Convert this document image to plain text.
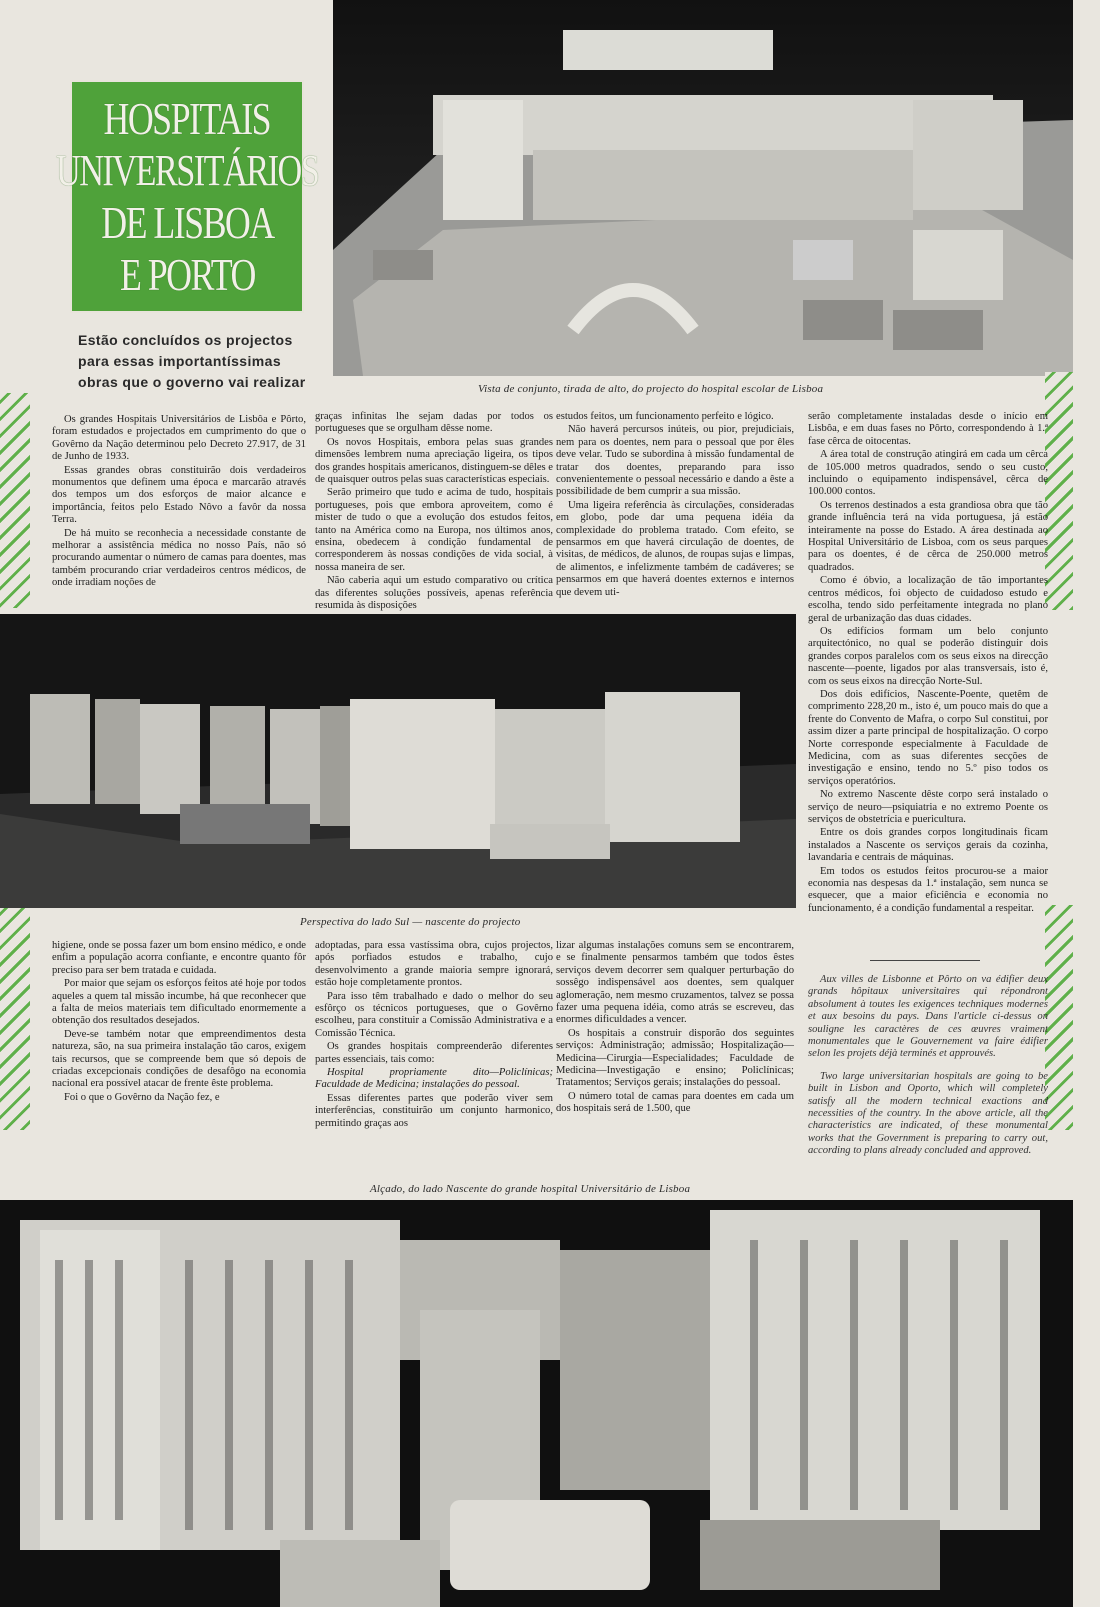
HOSPITAIS
UNIVERSITÁRIOS
DE LISBOA
E PORTO
Estão concluídos os projectos para essas importantíssimas obras que o governo vai realizar	Vista de conjunto, tirada de alto, do projecto do hospital escolar de Lisboa

Os grandes Hospitais Universitários de Lisbôa e Pôrto, foram estudados e projectados em cumprimento do que o Govêrno da Nação determinou pelo Decreto 27.917, de 31 de Junho de 1933.

Essas grandes obras constituirão dois verdadeiros monumentos que definem uma época e marcarão através dos tempos um dos esforços de maior alcance e importância, feitos pelo Estado Nôvo a favôr da nossa Terra.

De há muito se reconhecia a necessidade constante de melhorar a assistência médica no nosso País, não só procurando aumentar o número de camas para doentes, mas também procurando criar verdadeiros centros médicos, de onde irradiam noções de

graças infinitas lhe sejam dadas por todos os portugueses que se orgulham dêsse nome.

Os novos Hospitais, embora pelas suas grandes dimensões lembrem numa apreciação ligeira, os tipos dos grandes hospitais americanos, distinguem-se dêles e de quaisquer outros pelas suas características especiais.

Serão primeiro que tudo e acima de tudo, hospitais portugueses, pois que embora aproveitem, como é mister de tudo o que a evolução dos estudos feitos, tanto na América como na Europa, nos últimos anos, ensina, obedecem à condição fundamental de corresponderem às nossas condições de vida social, à nossa maneira de ser.

Não caberia aqui um estudo comparativo ou crítica das diferentes soluções possíveis, apenas referência resumida às disposições

estudos feitos, um funcionamento perfeito e lógico.

Não haverá percursos inúteis, ou pior, prejudiciais, nem para os doentes, nem para o pessoal que por êles deve velar. Tudo se subordina à missão fundamental de tratar dos doentes, preparando para isso convenientemente o pessoal necessário e dando a êste a possibilidade de bem cumprir a sua missão.

Uma ligeira referência às circulações, consideradas em globo, pode dar uma pequena idéia da complexidade do problema tratado. Com efeito, se pensarmos em que haverá circulação de doentes, de visitas, de médicos, de alunos, de roupas sujas e limpas, de alimentos, e infelizmente também de cadáveres; se pensarmos em que haverá doentes externos e internos que devem uti-

serão completamente instaladas desde o início em Lisbôa, e em duas fases no Pôrto, correspondendo à 1.ª fase cêrca de oitocentas.

A área total de construção atingirá em cada um cêrca de 105.000 metros quadrados, sendo o seu custo, incluindo o equipamento indispensável, cêrca de 100.000 contos.

Os terrenos destinados a esta grandiosa obra que tão grande influência terá na vida portuguesa, já estão inteiramente na posse do Estado. A área destinada ao Hospital Universitário de Lisboa, com os seus parques para os doentes, é de cêrca de 250.000 metros quadrados.

Como é óbvio, a localização de tão importantes centros médicos, foi objecto de cuidadoso estudo e escolha, tendo sido perfeitamente integrada no plano geral de urbanização das duas cidades.

Os edifícios formam um belo conjunto arquitectónico, no qual se poderão distinguir dois grandes corpos paralelos com os seus eixos na direcção nascente—poente, ligados por alas transversais, isto é, com os seus eixos na direcção Norte-Sul.

Dos dois edifícios, Nascente-Poente, quetêm de comprimento 228,20 m., isto é, um pouco mais do que a frente do Convento de Mafra, o corpo Sul constitui, por assim dizer a parte principal de hospitalização. O corpo Norte corresponde especialmente à Faculdade de Medicina, com as suas diferentes secções de investigação e ensino, tendo no 5.º piso todos os serviços operatórios.

No extremo Nascente dêste corpo será instalado o serviço de neuro—psiquiatria e no extremo Poente os serviços de obstetrícia e puericultura.

Entre os dois grandes corpos longitudinais ficam instalados a Nascente os serviços gerais da cozinha, lavandaria e centrais de máquinas.

Em todos os estudos feitos procurou-se a maior economia nas despesas da 1.ª instalação, sem nunca se esquecer, que a maior eficiência e economia no funcionamento, é a condição fundamental a respeitar.

Perspectiva do lado Sul — nascente do projecto

higiene, onde se possa fazer um bom ensino médico, e onde enfim a população acorra confiante, e encontre quanto fôr preciso para ser bem tratada e cuidada.

Por maior que sejam os esforços feitos até hoje por todos aqueles a quem tal missão incumbe, há que reconhecer que a falta de meios materiais tem dificultado enormemente a obtenção dos resultados desejados.

Deve-se também notar que empreendimentos desta natureza, são, na sua primeira instalação tão caros, exigem tais recursos, que se compreende bem que só depois de criadas excepcionais condições de desafôgo na economia nacional era possível atacar de frente êste problema.

Foi o que o Govêrno da Nação fez, e

adoptadas, para essa vastíssima obra, cujos projectos, após porfiados estudos e trabalho, cujo desenvolvimento a grande maioria sempre ignorará, estão hoje completamente prontos.

Para isso têm trabalhado e dado o melhor do seu esfôrço os técnicos portugueses, que o Govêrno escolheu, para constituir a Comissão Administrativa e a Comissão Técnica.

Os grandes hospitais compreenderão diferentes partes essenciais, tais como:

Hospital propriamente dito—Policlínicas; Faculdade de Medicina; instalações do pessoal.

Essas diferentes partes que poderão viver sem interferências, constituirão um conjunto harmonico, permitindo graças aos

lizar algumas instalações comuns sem se encontrarem, e se finalmente pensarmos também que todos êstes serviços devem decorrer sem qualquer perturbação do sossêgo indispensável aos doentes, sem qualquer aglomeração, nem mesmo cruzamentos, talvez se possa fazer uma pequena idéia, como atrás se escreveu, das enormes dificuldades a vencer.

Os hospitais a construir disporão dos seguintes serviços: Administração; admissão; Hospitalização—Medicina—Cirurgia—Especialidades; Faculdade de Medicina—Investigação e ensino; Policlínicas; Tratamentos; Serviços gerais; instalações do pessoal.

O número total de camas para doentes em cada um dos hospitais será de 1.500, que

Aux villes de Lisbonne et Pôrto on va édifier deux grands hôpitaux universitaires qui répondront absolument à toutes les exigences techniques modernes et aux besoins du pays. Dans l'article ci-dessus on souligne les caractères de ces œuvres vraiment monumentales que le Gouvernement va faire édifier selon les projets déjà terminés et approuvés.

Two large universitarian hospitals are going to be built in Lisbon and Oporto, which will completely satisfy all the modern technical exactions and necessities of the country. In the above article, all the characteristics are indicated, of these monumental works that the Government is preparing to carry out, according to plans already concluded and approved.

Alçado, do lado Nascente do grande hospital Universitário de Lisboa
